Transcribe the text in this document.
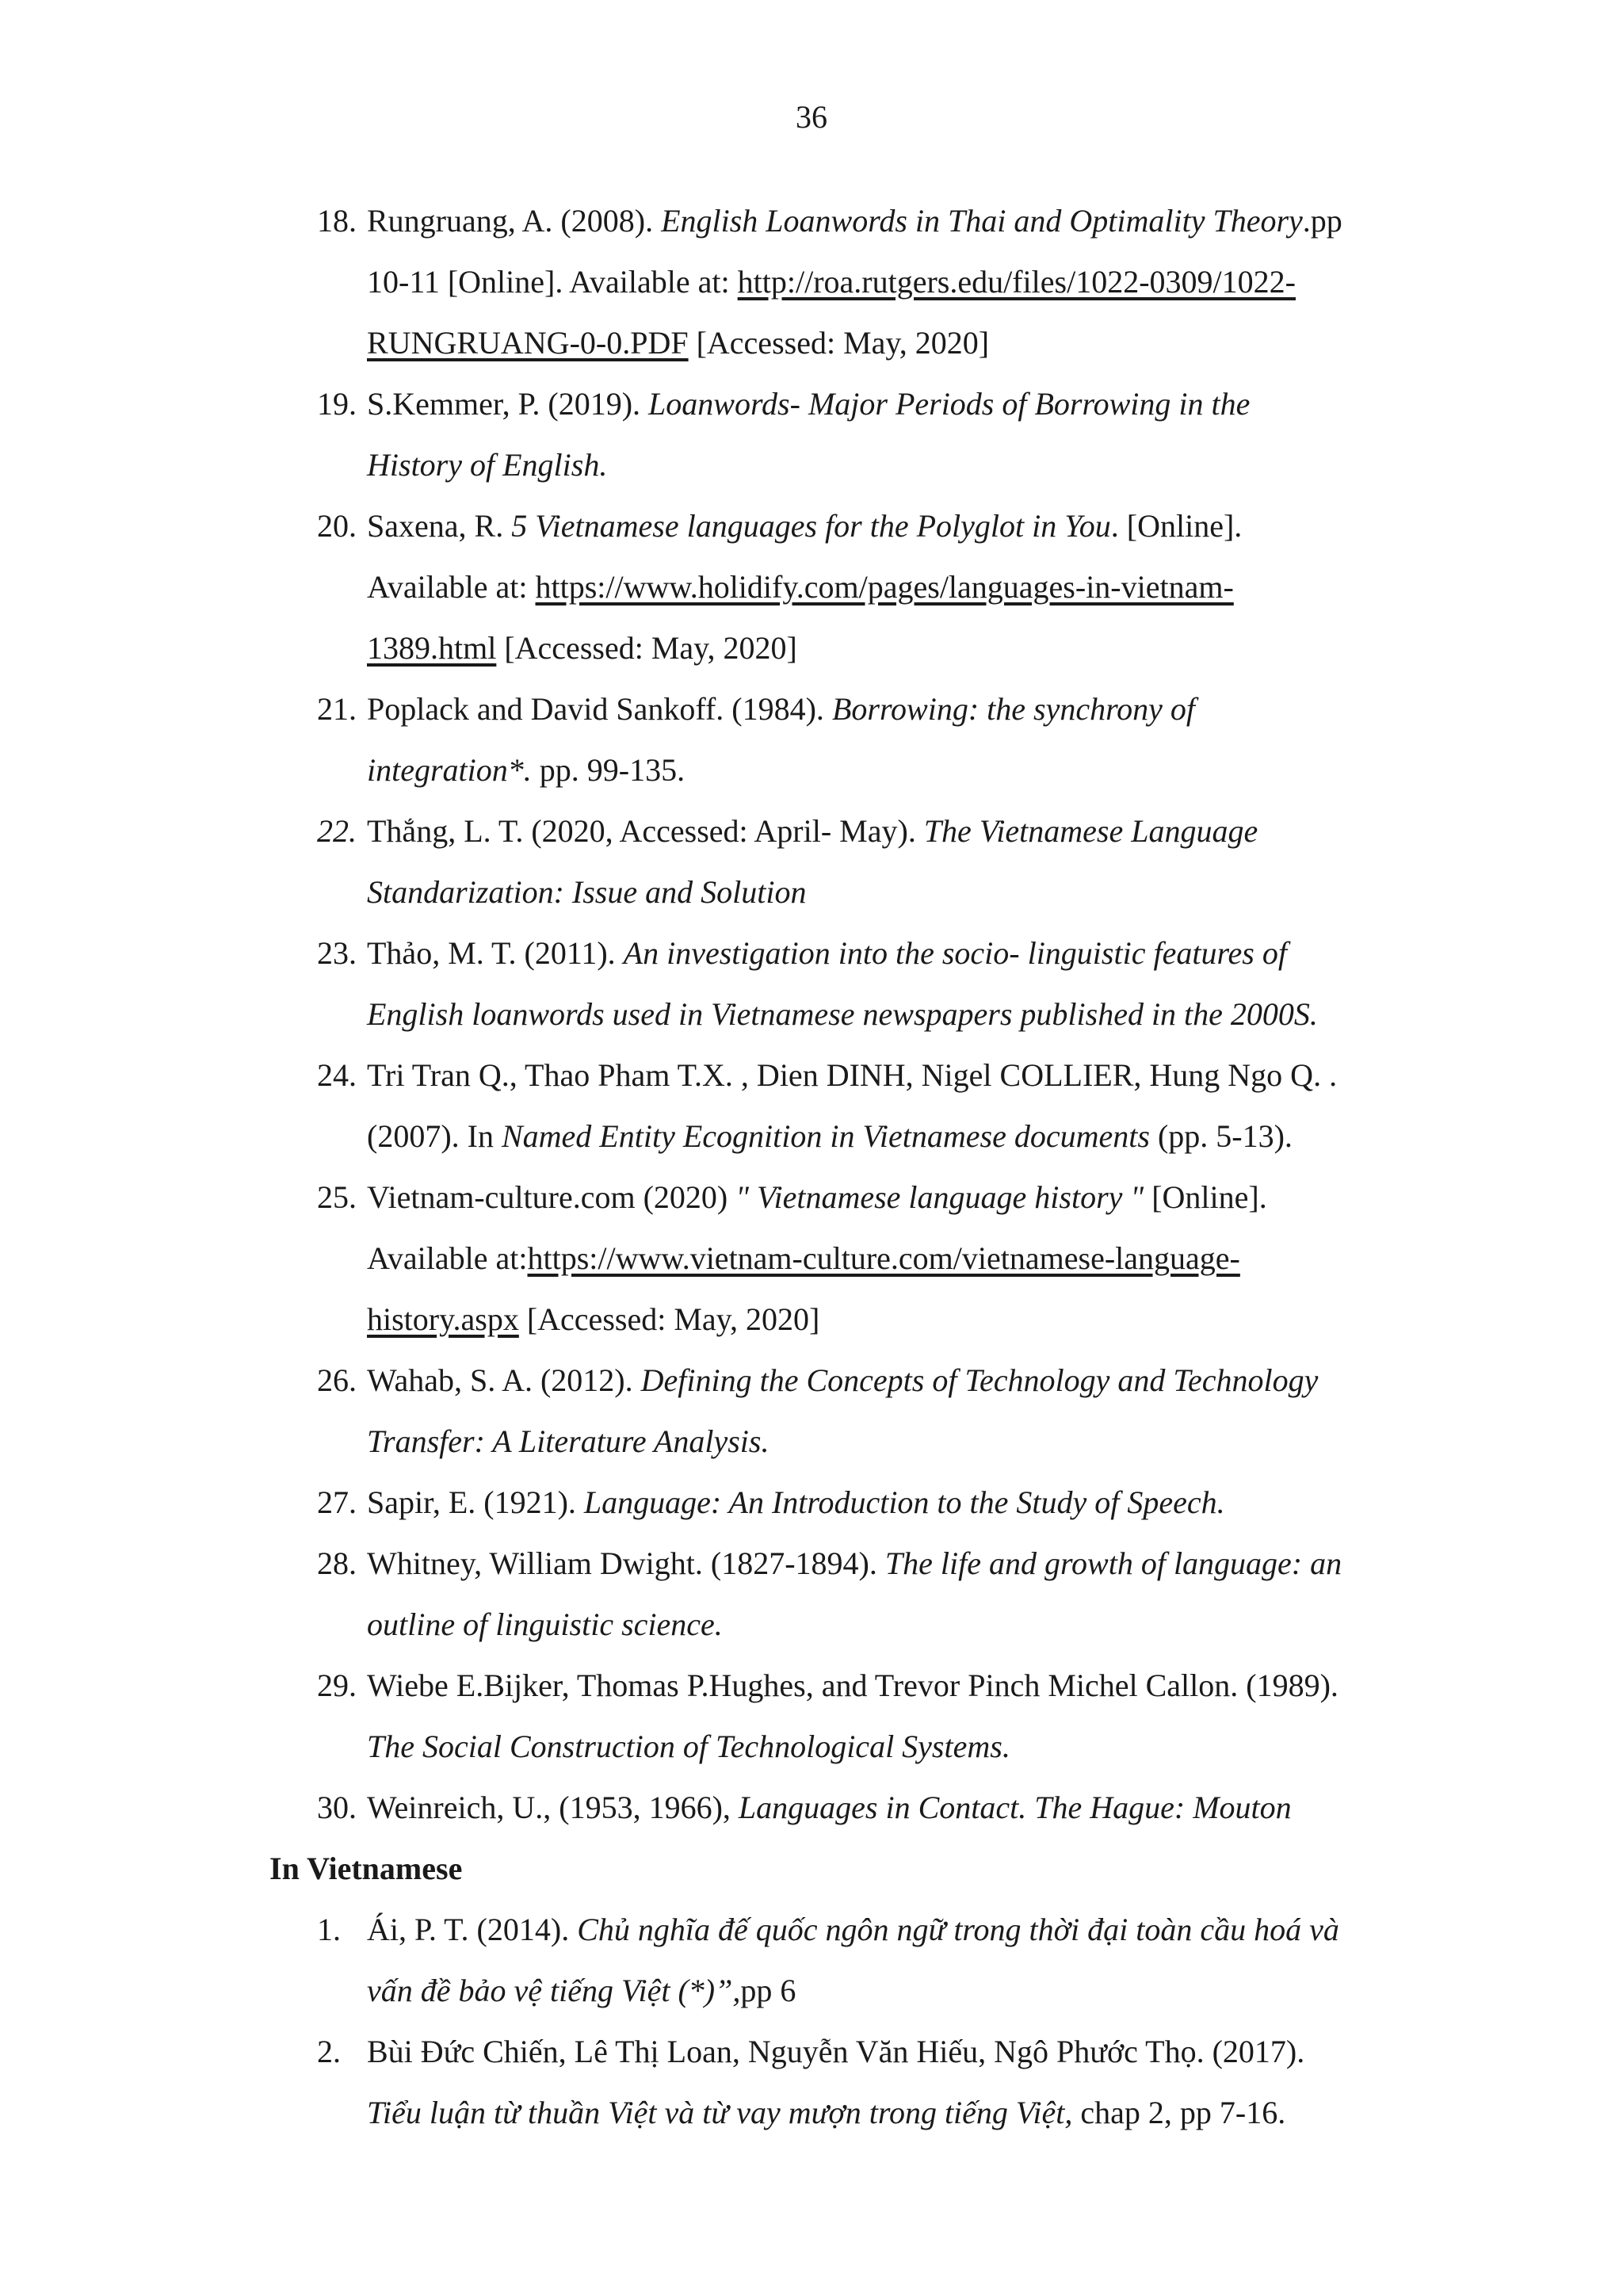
36
18. Rungruang, A. (2008). English Loanwords in Thai and Optimality Theory.pp
10-11 [Online]. Available at: http://roa.rutgers.edu/files/1022-0309/1022-
RUNGRUANG-0-0.PDF [Accessed: May, 2020]
19. S.Kemmer, P. (2019). Loanwords- Major Periods of Borrowing in the
History of English.
20. Saxena, R. 5 Vietnamese languages for the Polyglot in You. [Online].
Available at: https://www.holidify.com/pages/languages-in-vietnam-
1389.html [Accessed: May, 2020]
21. Poplack and David Sankoff. (1984). Borrowing: the synchrony of
integration*. pp. 99-135.
22. Thắng, L. T. (2020, Accessed: April- May). The Vietnamese Language
Standarization: Issue and Solution
23. Thảo, M. T. (2011). An investigation into the socio- linguistic features of
English loanwords used in Vietnamese newspapers published in the 2000S.
24. Tri Tran Q., Thao Pham T.X. , Dien DINH, Nigel COLLIER, Hung Ngo Q. .
(2007). In Named Entity Ecognition in Vietnamese documents (pp. 5-13).
25. Vietnam-culture.com (2020) " Vietnamese language history " [Online].
Available at:https://www.vietnam-culture.com/vietnamese-language-
history.aspx [Accessed: May, 2020]
26. Wahab, S. A. (2012). Defining the Concepts of Technology and Technology
Transfer: A Literature Analysis.
27. Sapir, E. (1921). Language: An Introduction to the Study of Speech.
28. Whitney, William Dwight. (1827-1894). The life and growth of language: an
outline of linguistic science.
29. Wiebe E.Bijker, Thomas P.Hughes, and Trevor Pinch Michel Callon. (1989).
The Social Construction of Technological Systems.
30. Weinreich, U., (1953, 1966), Languages in Contact. The Hague: Mouton
In Vietnamese
1. Ái, P. T. (2014). Chủ nghĩa đế quốc ngôn ngữ trong thời đại toàn cầu hoá và
vấn đề bảo vệ tiếng Việt (*)”,pp 6
2. Bùi Đức Chiến, Lê Thị Loan, Nguyễn Văn Hiếu, Ngô Phước Thọ. (2017).
Tiểu luận từ thuần Việt và từ vay mượn trong tiếng Việt, chap 2, pp 7-16.
